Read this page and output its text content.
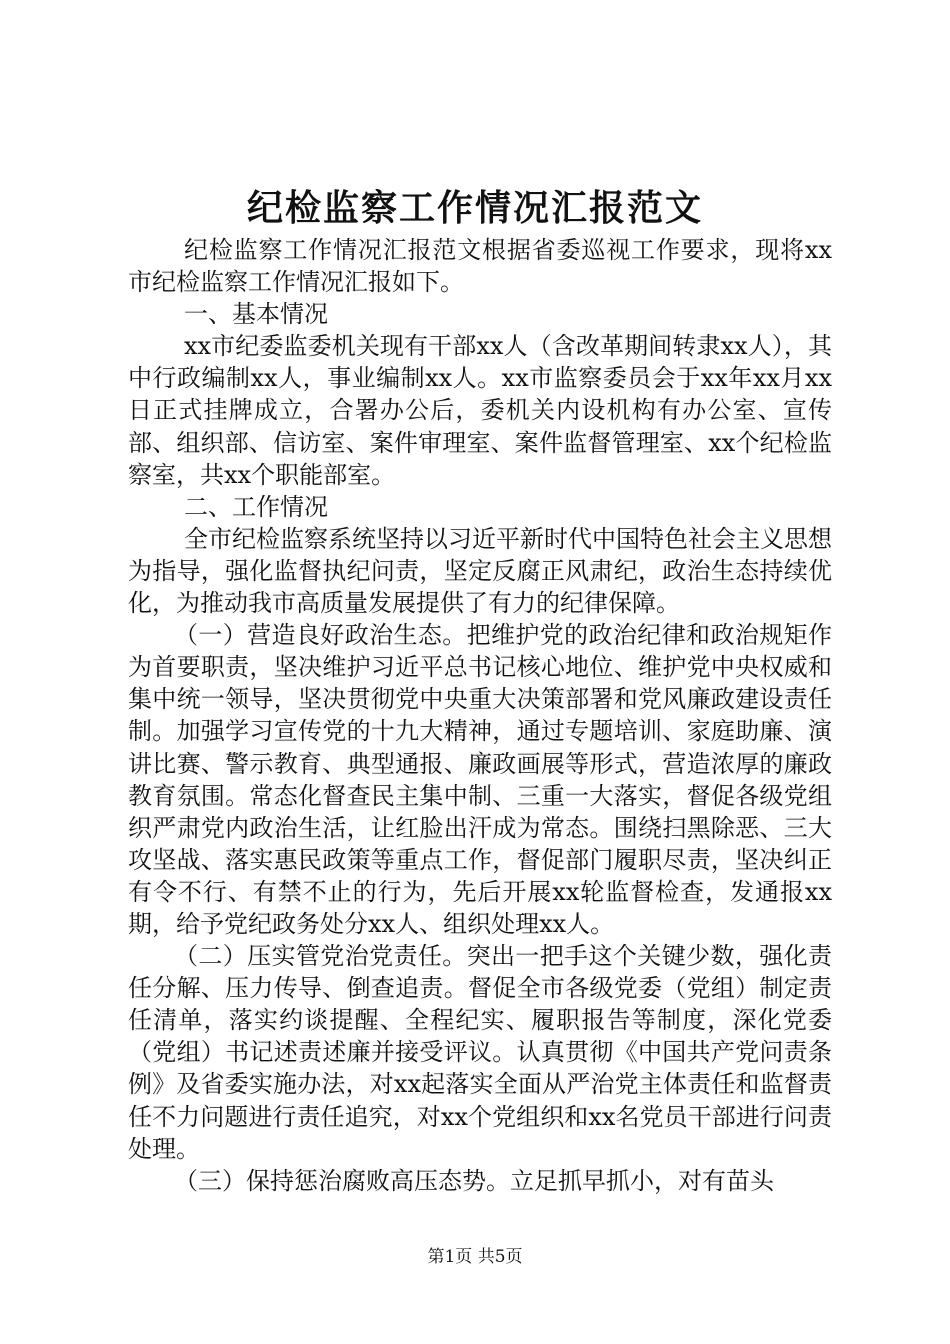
纪检监察工作情况汇报范文

纪检监察工作情况汇报范文根据省委巡视工作要求，现将xx市纪检监察工作情况汇报如下。

一、基本情况

xx市纪委监委机关现有干部xx人（含改革期间转隶xx人），其中行政编制xx人，事业编制xx人。xx市监察委员会于xx年xx月xx日正式挂牌成立，合署办公后，委机关内设机构有办公室、宣传部、组织部、信访室、案件审理室、案件监督管理室、xx个纪检监察室，共xx个职能部室。

二、工作情况

全市纪检监察系统坚持以习近平新时代中国特色社会主义思想为指导，强化监督执纪问责，坚定反腐正风肃纪，政治生态持续优化，为推动我市高质量发展提供了有力的纪律保障。

（一）营造良好政治生态。把维护党的政治纪律和政治规矩作为首要职责，坚决维护习近平总书记核心地位、维护党中央权威和集中统一领导，坚决贯彻党中央重大决策部署和党风廉政建设责任制。加强学习宣传党的十九大精神，通过专题培训、家庭助廉、演讲比赛、警示教育、典型通报、廉政画展等形式，营造浓厚的廉政教育氛围。常态化督查民主集中制、三重一大落实，督促各级党组织严肃党内政治生活，让红脸出汗成为常态。围绕扫黑除恶、三大攻坚战、落实惠民政策等重点工作，督促部门履职尽责，坚决纠正有令不行、有禁不止的行为，先后开展xx轮监督检查，发通报xx期，给予党纪政务处分xx人、组织处理xx人。

（二）压实管党治党责任。突出一把手这个关键少数，强化责任分解、压力传导、倒查追责。督促全市各级党委（党组）制定责任清单，落实约谈提醒、全程纪实、履职报告等制度，深化党委（党组）书记述责述廉并接受评议。认真贯彻《中国共产党问责条例》及省委实施办法，对xx起落实全面从严治党主体责任和监督责任不力问题进行责任追究，对xx个党组织和xx名党员干部进行问责处理。

（三）保持惩治腐败高压态势。立足抓早抓小，对有苗头

第1页 共5页
